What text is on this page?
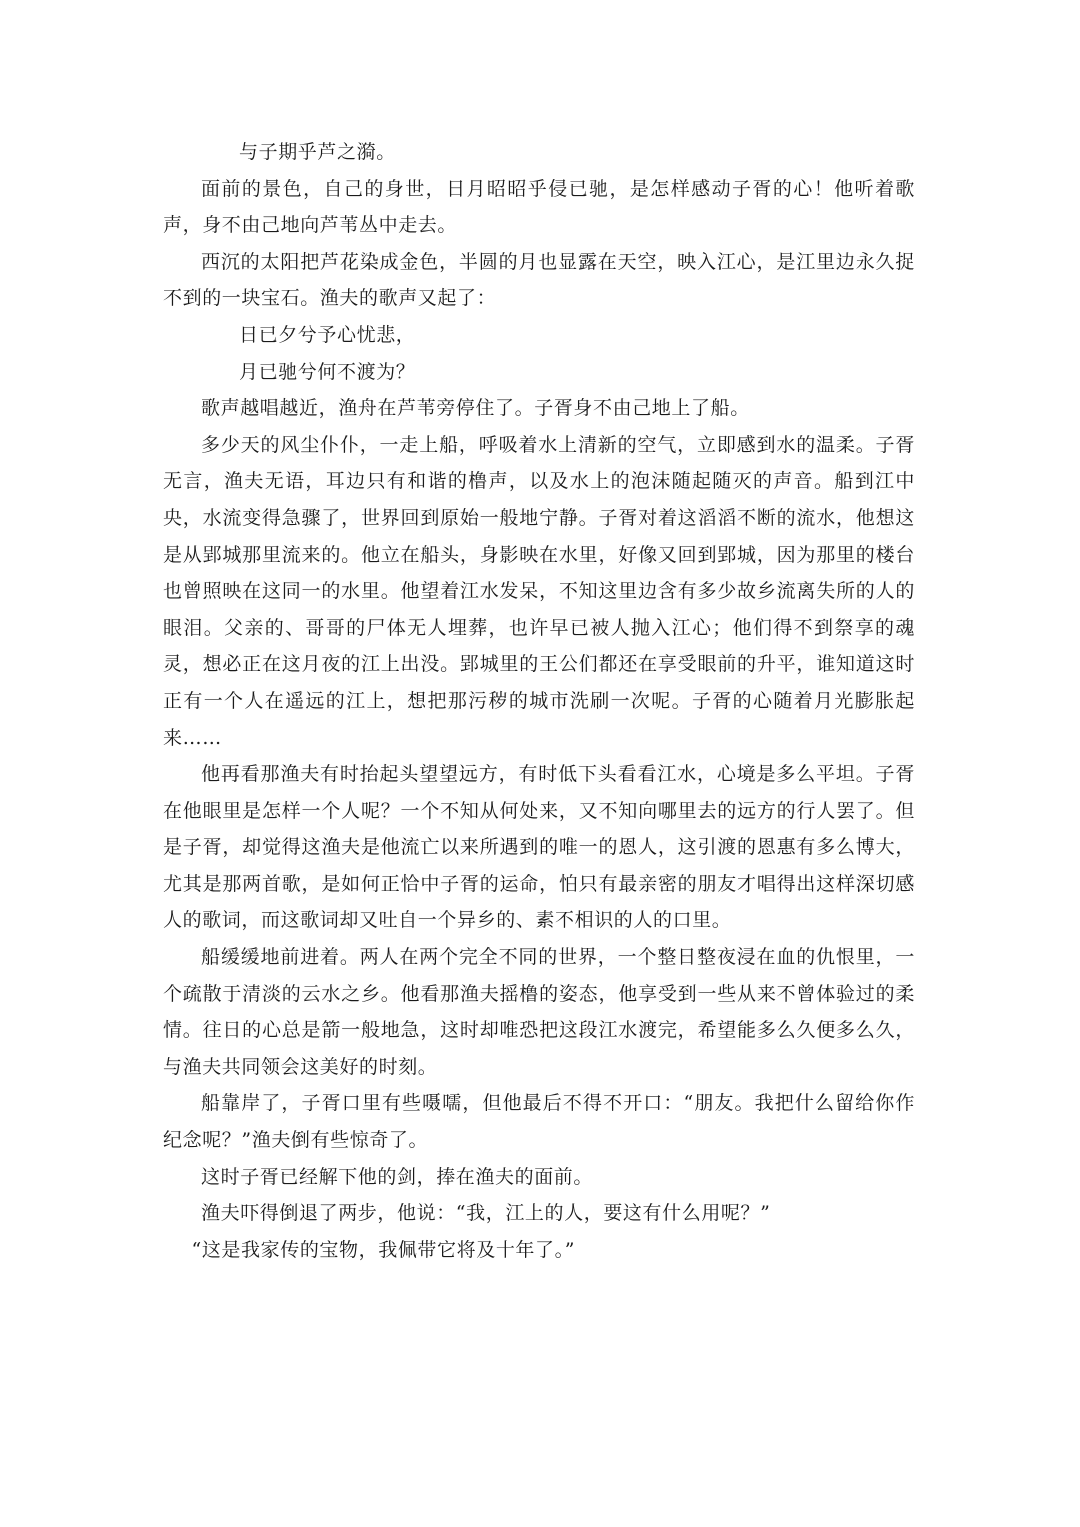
与子期乎芦之漪。

面前的景色，自己的身世，日月昭昭乎侵已驰，是怎样感动子胥的心！他听着歌声，身不由己地向芦苇丛中走去。

西沉的太阳把芦花染成金色，半圆的月也显露在天空，映入江心，是江里边永久捉不到的一块宝石。渔夫的歌声又起了：

日已夕兮予心忧悲，

月已驰兮何不渡为？

歌声越唱越近，渔舟在芦苇旁停住了。子胥身不由己地上了船。

多少天的风尘仆仆，一走上船，呼吸着水上清新的空气，立即感到水的温柔。子胥无言，渔夫无语，耳边只有和谐的橹声，以及水上的泡沫随起随灭的声音。船到江中央，水流变得急骤了，世界回到原始一般地宁静。子胥对着这滔滔不断的流水，他想这是从郢城那里流来的。他立在船头，身影映在水里，好像又回到郢城，因为那里的楼台也曾照映在这同一的水里。他望着江水发呆，不知这里边含有多少故乡流离失所的人的眼泪。父亲的、哥哥的尸体无人埋葬，也许早已被人抛入江心；他们得不到祭享的魂灵，想必正在这月夜的江上出没。郢城里的王公们都还在享受眼前的升平，谁知道这时正有一个人在遥远的江上，想把那污秽的城市洗刷一次呢。子胥的心随着月光膨胀起来……

他再看那渔夫有时抬起头望望远方，有时低下头看看江水，心境是多么平坦。子胥在他眼里是怎样一个人呢？一个不知从何处来，又不知向哪里去的远方的行人罢了。但是子胥，却觉得这渔夫是他流亡以来所遇到的唯一的恩人，这引渡的恩惠有多么博大，尤其是那两首歌，是如何正恰中子胥的运命，怕只有最亲密的朋友才唱得出这样深切感人的歌词，而这歌词却又吐自一个异乡的、素不相识的人的口里。

船缓缓地前进着。两人在两个完全不同的世界，一个整日整夜浸在血的仇恨里，一个疏散于清淡的云水之乡。他看那渔夫摇橹的姿态，他享受到一些从来不曾体验过的柔情。往日的心总是箭一般地急，这时却唯恐把这段江水渡完，希望能多么久便多么久，与渔夫共同领会这美好的时刻。

船靠岸了，子胥口里有些嗫嚅，但他最后不得不开口：“朋友。我把什么留给你作纪念呢？”渔夫倒有些惊奇了。

这时子胥已经解下他的剑，捧在渔夫的面前。

渔夫吓得倒退了两步，他说：“我，江上的人，要这有什么用呢？”

“这是我家传的宝物，我佩带它将及十年了。”
